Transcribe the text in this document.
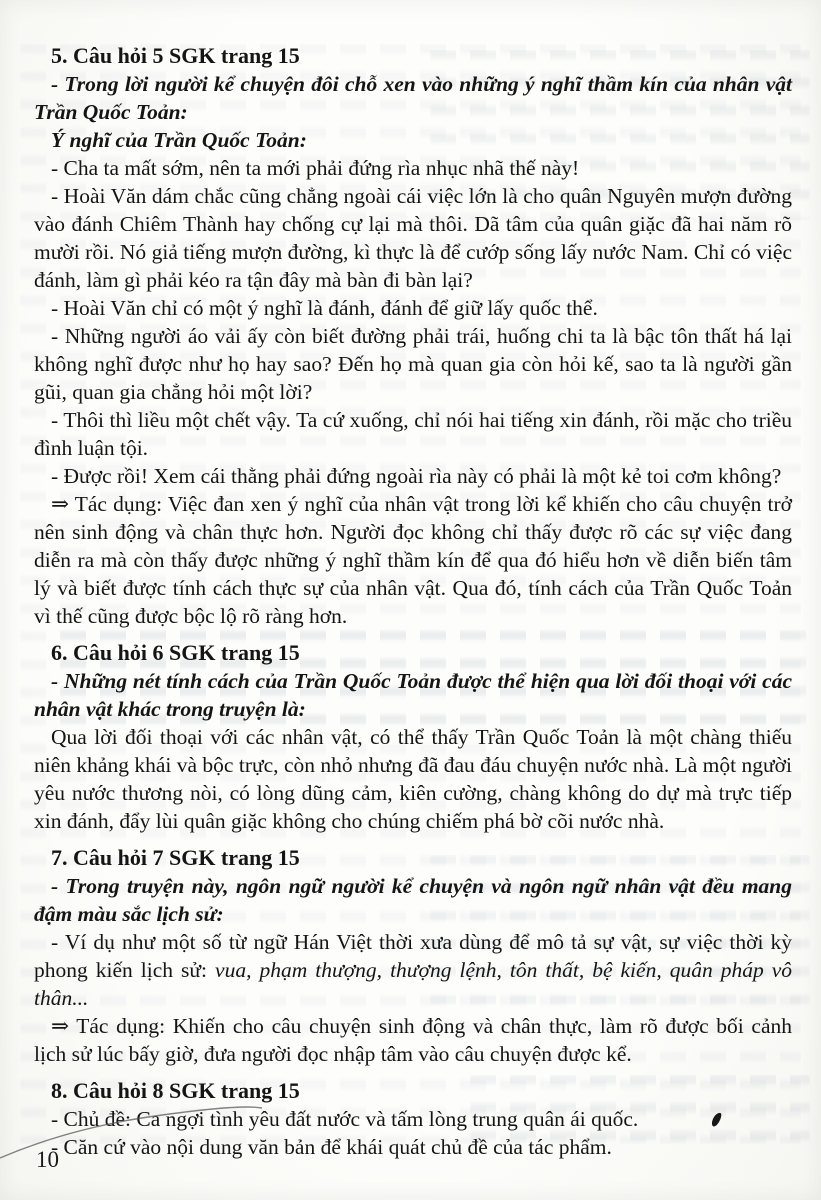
5. Câu hỏi 5 SGK trang 15

- Trong lời người kể chuyện đôi chỗ xen vào những ý nghĩ thầm kín của nhân vật Trần Quốc Toản:

Ý nghĩ của Trần Quốc Toản:

- Cha ta mất sớm, nên ta mới phải đứng rìa nhục nhã thế này!

- Hoài Văn dám chắc cũng chẳng ngoài cái việc lớn là cho quân Nguyên mượn đường vào đánh Chiêm Thành hay chống cự lại mà thôi. Dã tâm của quân giặc đã hai năm rõ mười rồi. Nó giả tiếng mượn đường, kì thực là để cướp sống lấy nước Nam. Chỉ có việc đánh, làm gì phải kéo ra tận đây mà bàn đi bàn lại?

- Hoài Văn chỉ có một ý nghĩ là đánh, đánh để giữ lấy quốc thể.

- Những người áo vải ấy còn biết đường phải trái, huống chi ta là bậc tôn thất há lại không nghĩ được như họ hay sao? Đến họ mà quan gia còn hỏi kế, sao ta là người gần gũi, quan gia chẳng hỏi một lời?

- Thôi thì liều một chết vậy. Ta cứ xuống, chỉ nói hai tiếng xin đánh, rồi mặc cho triều đình luận tội.

- Được rồi! Xem cái thằng phải đứng ngoài rìa này có phải là một kẻ toi cơm không?

⇒ Tác dụng: Việc đan xen ý nghĩ của nhân vật trong lời kể khiến cho câu chuyện trở nên sinh động và chân thực hơn. Người đọc không chỉ thấy được rõ các sự việc đang diễn ra mà còn thấy được những ý nghĩ thầm kín để qua đó hiểu hơn về diễn biến tâm lý và biết được tính cách thực sự của nhân vật. Qua đó, tính cách của Trần Quốc Toản vì thế cũng được bộc lộ rõ ràng hơn.

6. Câu hỏi 6 SGK trang 15

- Những nét tính cách của Trần Quốc Toản được thể hiện qua lời đối thoại với các nhân vật khác trong truyện là:

Qua lời đối thoại với các nhân vật, có thể thấy Trần Quốc Toản là một chàng thiếu niên khảng khái và bộc trực, còn nhỏ nhưng đã đau đáu chuyện nước nhà. Là một người yêu nước thương nòi, có lòng dũng cảm, kiên cường, chàng không do dự mà trực tiếp xin đánh, đẩy lùi quân giặc không cho chúng chiếm phá bờ cõi nước nhà.

7. Câu hỏi 7 SGK trang 15

- Trong truyện này, ngôn ngữ người kể chuyện và ngôn ngữ nhân vật đều mang đậm màu sắc lịch sử:

- Ví dụ như một số từ ngữ Hán Việt thời xưa dùng để mô tả sự vật, sự việc thời kỳ phong kiến lịch sử: vua, phạm thượng, thượng lệnh, tôn thất, bệ kiến, quân pháp vô thân...

⇒ Tác dụng: Khiến cho câu chuyện sinh động và chân thực, làm rõ được bối cảnh lịch sử lúc bấy giờ, đưa người đọc nhập tâm vào câu chuyện được kể.

8. Câu hỏi 8 SGK trang 15

- Chủ đề: Ca ngợi tình yêu đất nước và tấm lòng trung quân ái quốc.

- Căn cứ vào nội dung văn bản để khái quát chủ đề của tác phẩm.

10
